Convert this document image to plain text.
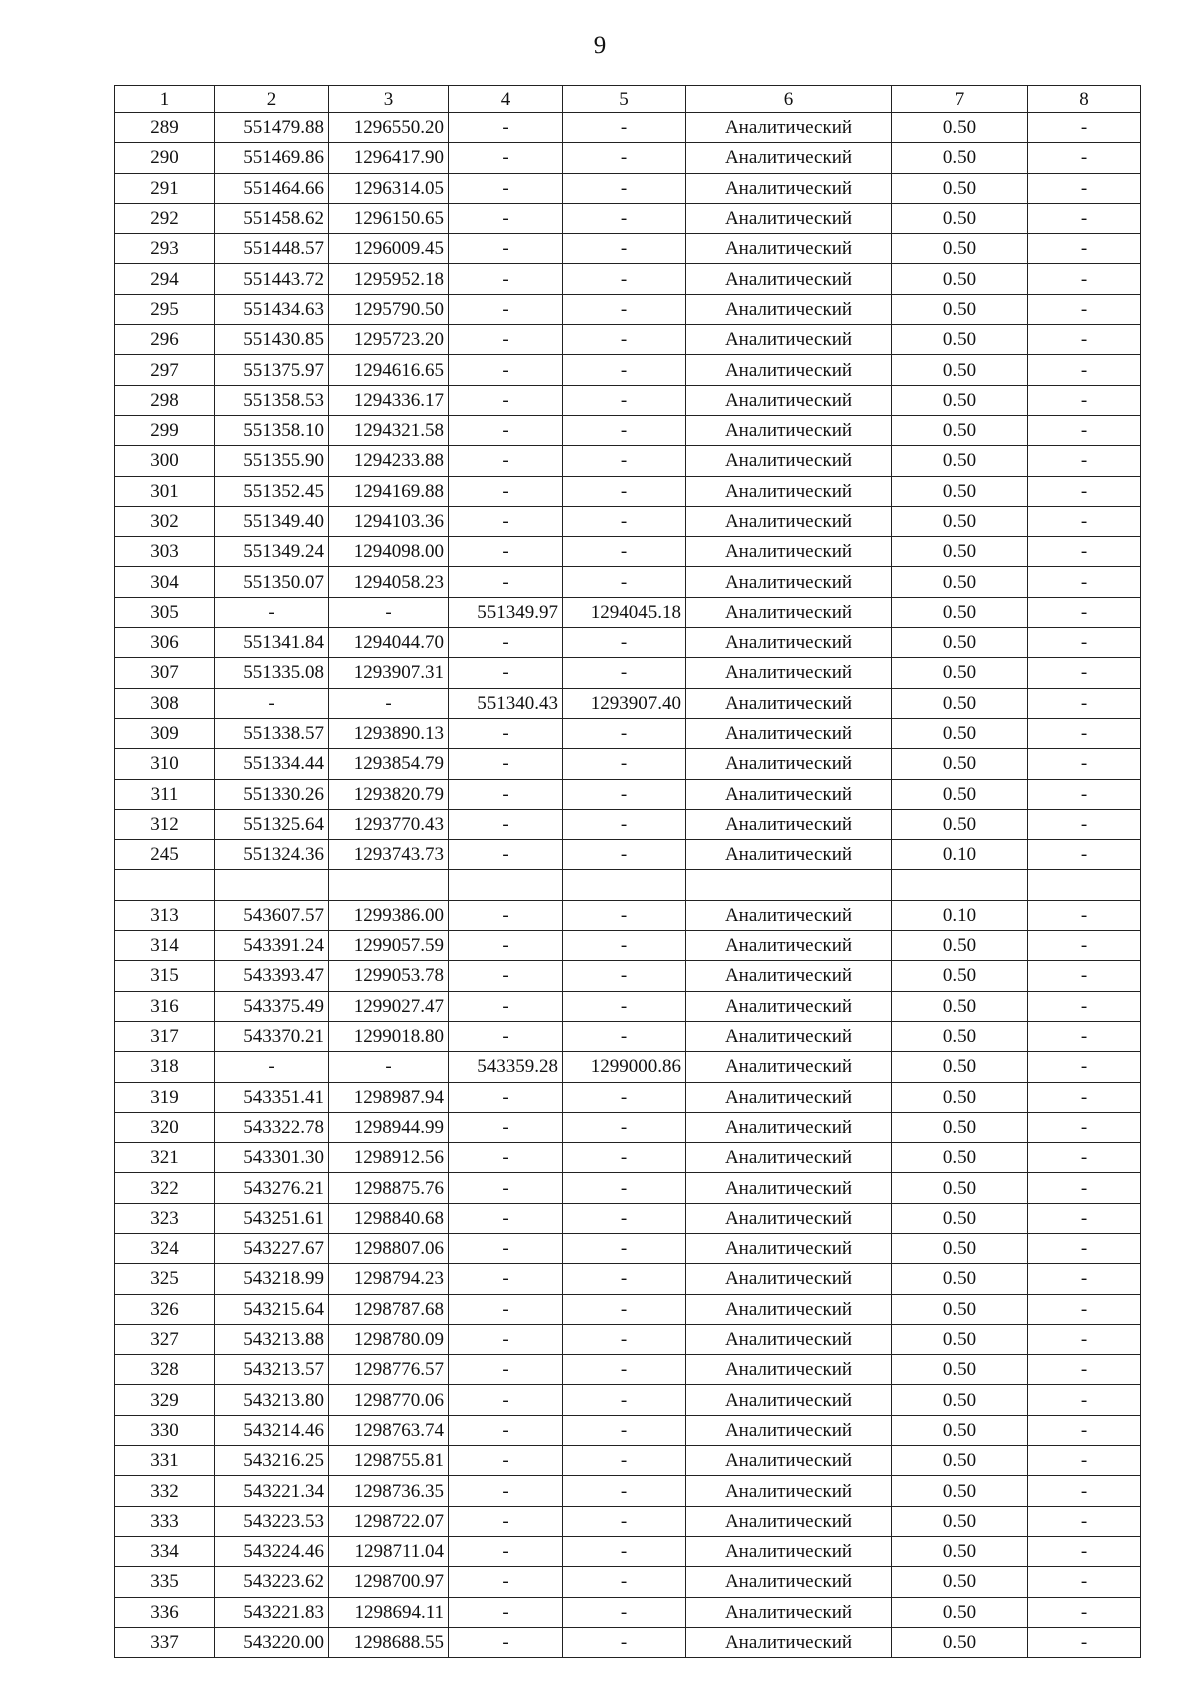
9
1	2	3	4	5	6	7	8
289	551479.88	1296550.20	-	-	Аналитический	0.50	-
290	551469.86	1296417.90	-	-	Аналитический	0.50	-
291	551464.66	1296314.05	-	-	Аналитический	0.50	-
292	551458.62	1296150.65	-	-	Аналитический	0.50	-
293	551448.57	1296009.45	-	-	Аналитический	0.50	-
294	551443.72	1295952.18	-	-	Аналитический	0.50	-
295	551434.63	1295790.50	-	-	Аналитический	0.50	-
296	551430.85	1295723.20	-	-	Аналитический	0.50	-
297	551375.97	1294616.65	-	-	Аналитический	0.50	-
298	551358.53	1294336.17	-	-	Аналитический	0.50	-
299	551358.10	1294321.58	-	-	Аналитический	0.50	-
300	551355.90	1294233.88	-	-	Аналитический	0.50	-
301	551352.45	1294169.88	-	-	Аналитический	0.50	-
302	551349.40	1294103.36	-	-	Аналитический	0.50	-
303	551349.24	1294098.00	-	-	Аналитический	0.50	-
304	551350.07	1294058.23	-	-	Аналитический	0.50	-
305	-	-	551349.97	1294045.18	Аналитический	0.50	-
306	551341.84	1294044.70	-	-	Аналитический	0.50	-
307	551335.08	1293907.31	-	-	Аналитический	0.50	-
308	-	-	551340.43	1293907.40	Аналитический	0.50	-
309	551338.57	1293890.13	-	-	Аналитический	0.50	-
310	551334.44	1293854.79	-	-	Аналитический	0.50	-
311	551330.26	1293820.79	-	-	Аналитический	0.50	-
312	551325.64	1293770.43	-	-	Аналитический	0.50	-
245	551324.36	1293743.73	-	-	Аналитический	0.10	-

313	543607.57	1299386.00	-	-	Аналитический	0.10	-
314	543391.24	1299057.59	-	-	Аналитический	0.50	-
315	543393.47	1299053.78	-	-	Аналитический	0.50	-
316	543375.49	1299027.47	-	-	Аналитический	0.50	-
317	543370.21	1299018.80	-	-	Аналитический	0.50	-
318	-	-	543359.28	1299000.86	Аналитический	0.50	-
319	543351.41	1298987.94	-	-	Аналитический	0.50	-
320	543322.78	1298944.99	-	-	Аналитический	0.50	-
321	543301.30	1298912.56	-	-	Аналитический	0.50	-
322	543276.21	1298875.76	-	-	Аналитический	0.50	-
323	543251.61	1298840.68	-	-	Аналитический	0.50	-
324	543227.67	1298807.06	-	-	Аналитический	0.50	-
325	543218.99	1298794.23	-	-	Аналитический	0.50	-
326	543215.64	1298787.68	-	-	Аналитический	0.50	-
327	543213.88	1298780.09	-	-	Аналитический	0.50	-
328	543213.57	1298776.57	-	-	Аналитический	0.50	-
329	543213.80	1298770.06	-	-	Аналитический	0.50	-
330	543214.46	1298763.74	-	-	Аналитический	0.50	-
331	543216.25	1298755.81	-	-	Аналитический	0.50	-
332	543221.34	1298736.35	-	-	Аналитический	0.50	-
333	543223.53	1298722.07	-	-	Аналитический	0.50	-
334	543224.46	1298711.04	-	-	Аналитический	0.50	-
335	543223.62	1298700.97	-	-	Аналитический	0.50	-
336	543221.83	1298694.11	-	-	Аналитический	0.50	-
337	543220.00	1298688.55	-	-	Аналитический	0.50	-
